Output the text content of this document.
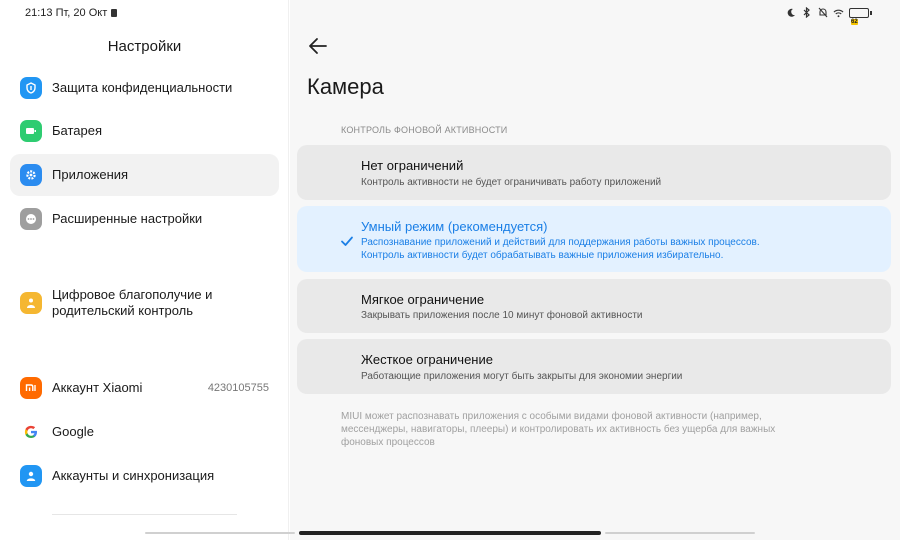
21:13 Пт, 20 Окт
Настройки
Защита конфиденциальности
Батарея
Приложения
Расширенные настройки
Цифровое благополучие и
родительский контроль
Аккаунт Xiaomi	4230105755
Google
Аккаунты и синхронизация
62
Камера
КОНТРОЛЬ ФОНОВОЙ АКТИВНОСТИ
Нет ограничений
Контроль активности не будет ограничивать работу приложений
Умный режим (рекомендуется)
Распознавание приложений и действий для поддержания работы важных процессов.
Контроль активности будет обрабатывать важные приложения избирательно.
Мягкое ограничение
Закрывать приложения после 10 минут фоновой активности
Жесткое ограничение
Работающие приложения могут быть закрыты для экономии энергии
MIUI может распознавать приложения с особыми видами фоновой активности (например, мессенджеры, навигаторы, плееры) и контролировать их активность без ущерба для важных фоновых процессов
